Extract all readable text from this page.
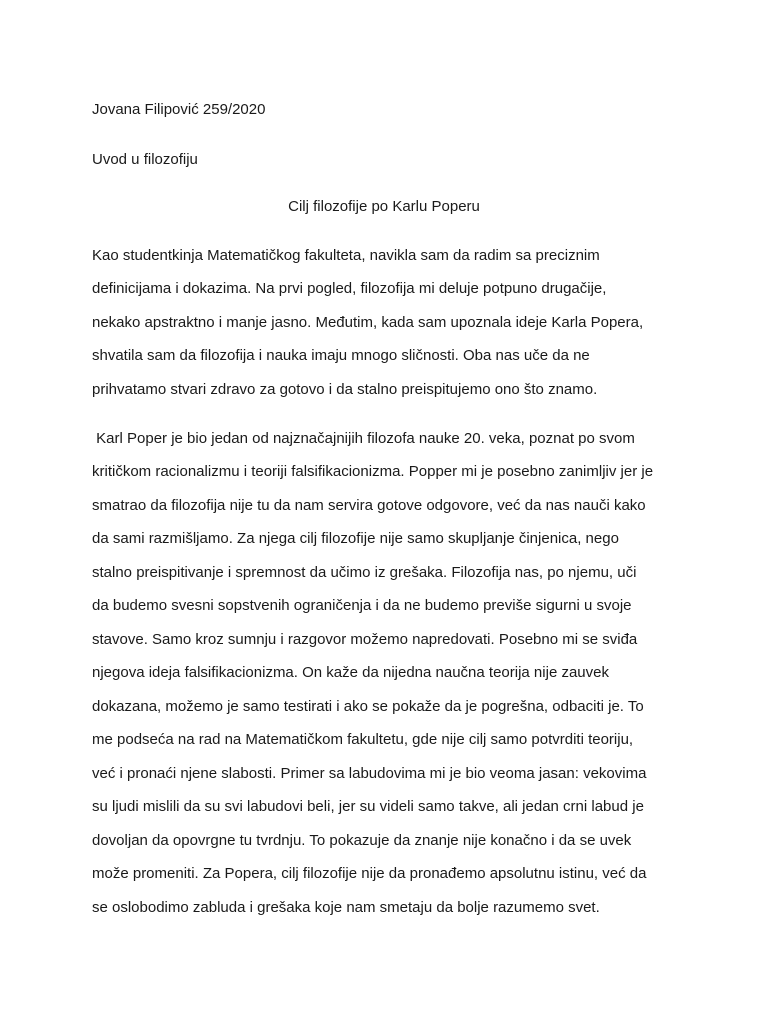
Jovana Filipović 259/2020
Uvod u filozofiju
Cilj filozofije po Karlu Poperu
Kao studentkinja Matematičkog fakulteta, navikla sam da radim sa preciznim
definicijama i dokazima. Na prvi pogled, filozofija mi deluje potpuno drugačije,
nekako apstraktno i manje jasno. Međutim, kada sam upoznala ideje Karla Popera,
shvatila sam da filozofija i nauka imaju mnogo sličnosti. Oba nas uče da ne
prihvatamo stvari zdravo za gotovo i da stalno preispitujemo ono što znamo.
Karl Poper je bio jedan od najznačajnijih filozofa nauke 20. veka, poznat po svom
kritičkom racionalizmu i teoriji falsifikacionizma. Popper mi je posebno zanimljiv jer je
smatrao da filozofija nije tu da nam servira gotove odgovore, već da nas nauči kako
da sami razmišljamo. Za njega cilj filozofije nije samo skupljanje činjenica, nego
stalno preispitivanje i spremnost da učimo iz grešaka. Filozofija nas, po njemu, uči
da budemo svesni sopstvenih ograničenja i da ne budemo previše sigurni u svoje
stavove. Samo kroz sumnju i razgovor možemo napredovati. Posebno mi se sviđa
njegova ideja falsifikacionizma. On kaže da nijedna naučna teorija nije zauvek
dokazana, možemo je samo testirati i ako se pokaže da je pogrešna, odbaciti je. To
me podseća na rad na Matematičkom fakultetu, gde nije cilj samo potvrditi teoriju,
već i pronaći njene slabosti. Primer sa labudovima mi je bio veoma jasan: vekovima
su ljudi mislili da su svi labudovi beli, jer su videli samo takve, ali jedan crni labud je
dovoljan da opovrgne tu tvrdnju. To pokazuje da znanje nije konačno i da se uvek
može promeniti. Za Popera, cilj filozofije nije da pronađemo apsolutnu istinu, već da
se oslobodimo zabluda i grešaka koje nam smetaju da bolje razumemo svet.
